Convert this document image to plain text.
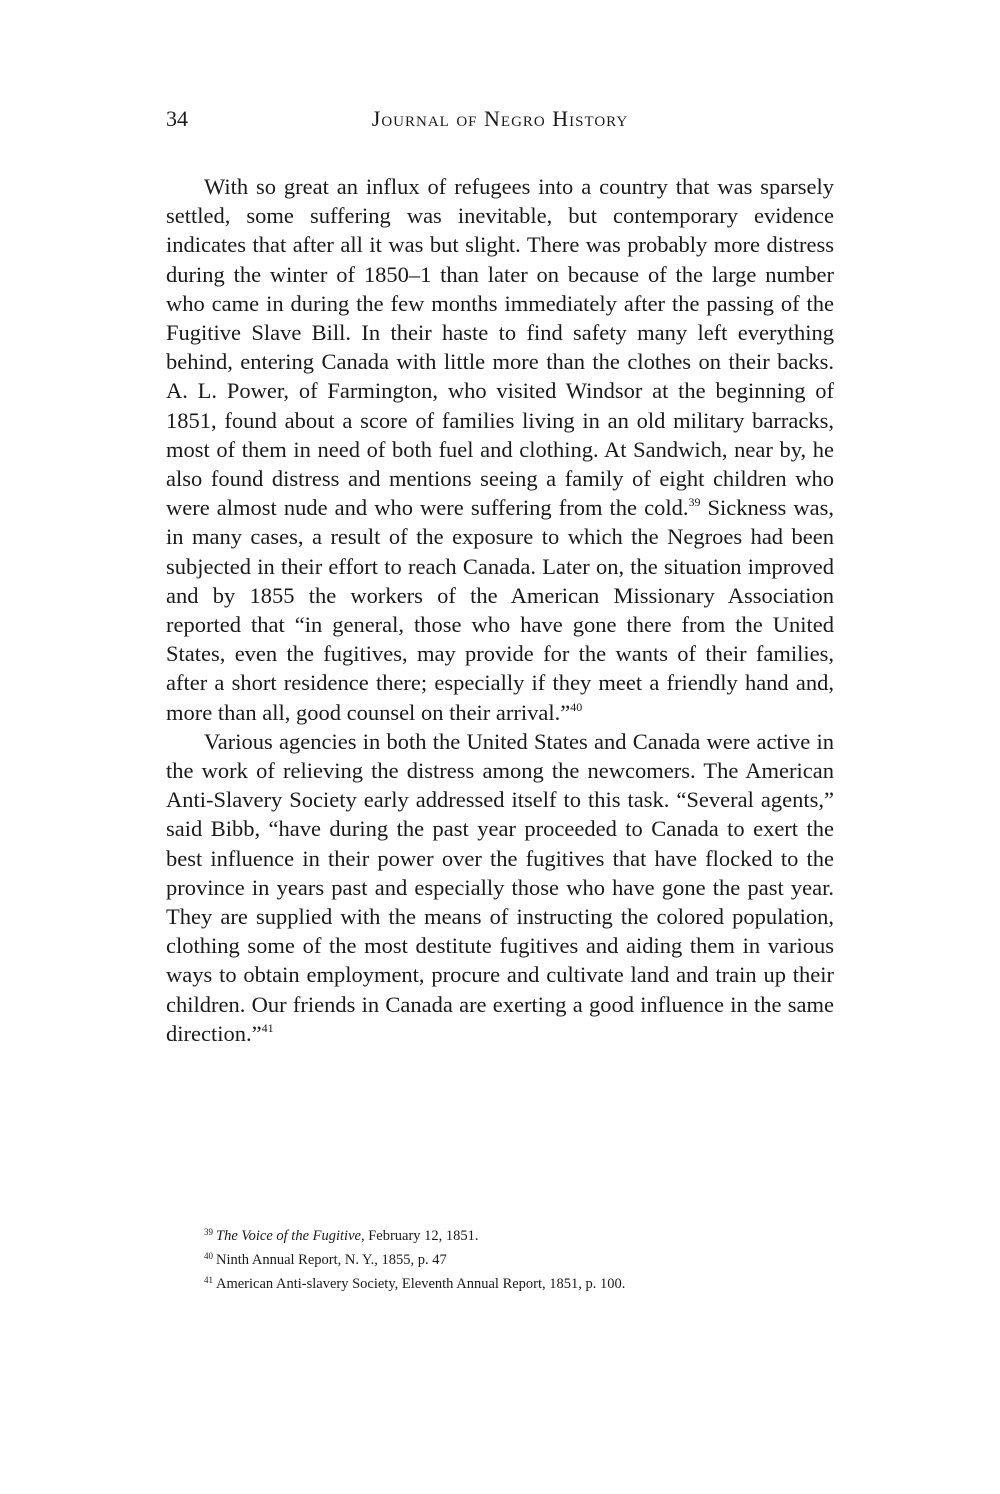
34	Journal of Negro History

With so great an influx of refugees into a country that was sparsely settled, some suffering was inevitable, but contemporary evidence indicates that after all it was but slight. There was probably more distress during the winter of 1850–1 than later on because of the large number who came in during the few months immediately after the passing of the Fugitive Slave Bill. In their haste to find safety many left everything behind, entering Canada with little more than the clothes on their backs. A. L. Power, of Farmington, who visited Windsor at the beginning of 1851, found about a score of families living in an old military barracks, most of them in need of both fuel and clothing. At Sandwich, near by, he also found distress and mentions seeing a family of eight children who were almost nude and who were suffering from the cold.$^{39}$ Sickness was, in many cases, a result of the exposure to which the Negroes had been subjected in their effort to reach Canada. Later on, the situation improved and by 1855 the workers of the American Missionary Association reported that “in general, those who have gone there from the United States, even the fugitives, may provide for the wants of their families, after a short residence there; especially if they meet a friendly hand and, more than all, good counsel on their arrival.”$^{40}$

Various agencies in both the United States and Canada were active in the work of relieving the distress among the newcomers. The American Anti-Slavery Society early addressed itself to this task. “Several agents,” said Bibb, “have during the past year proceeded to Canada to exert the best influence in their power over the fugitives that have flocked to the province in years past and especially those who have gone the past year. They are supplied with the means of instructing the colored population, clothing some of the most destitute fugitives and aiding them in various ways to obtain employment, procure and cultivate land and train up their children. Our friends in Canada are exerting a good influence in the same direction.”$^{41}$

$^{39}$ The Voice of the Fugitive, February 12, 1851.
$^{40}$ Ninth Annual Report, N. Y., 1855, p. 47
$^{41}$ American Anti-slavery Society, Eleventh Annual Report, 1851, p. 100.
